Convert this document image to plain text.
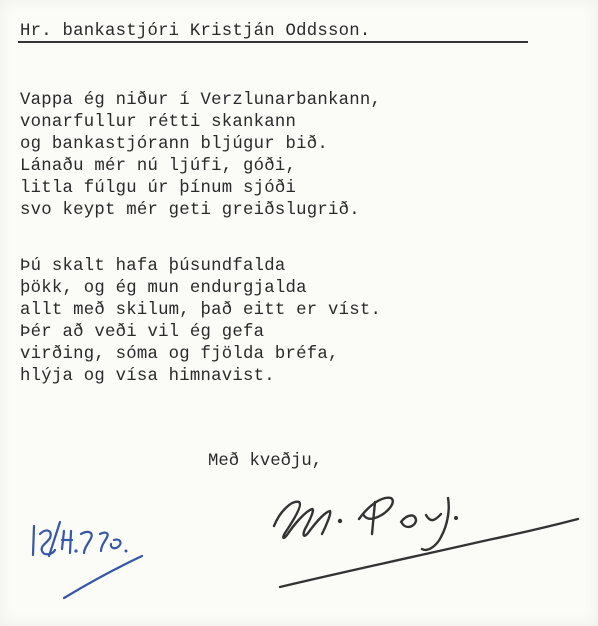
Hr. bankastjóri Kristján Oddsson.
Vappa ég niður í Verzlunarbankann,
vonarfullur rétti skankann
og bankastjórann bljúgur bið.
Lánaðu mér nú ljúfi, góði,
litla fúlgu úr þínum sjóði
svo keypt mér geti greiðslugrið.
Þú skalt hafa þúsundfalda
þökk, og ég mun endurgjalda
allt með skilum, það eitt er víst.
Þér að veði vil ég gefa
virðing, sóma og fjölda bréfa,
hlýja og vísa himnavist.
Með kveðju,
